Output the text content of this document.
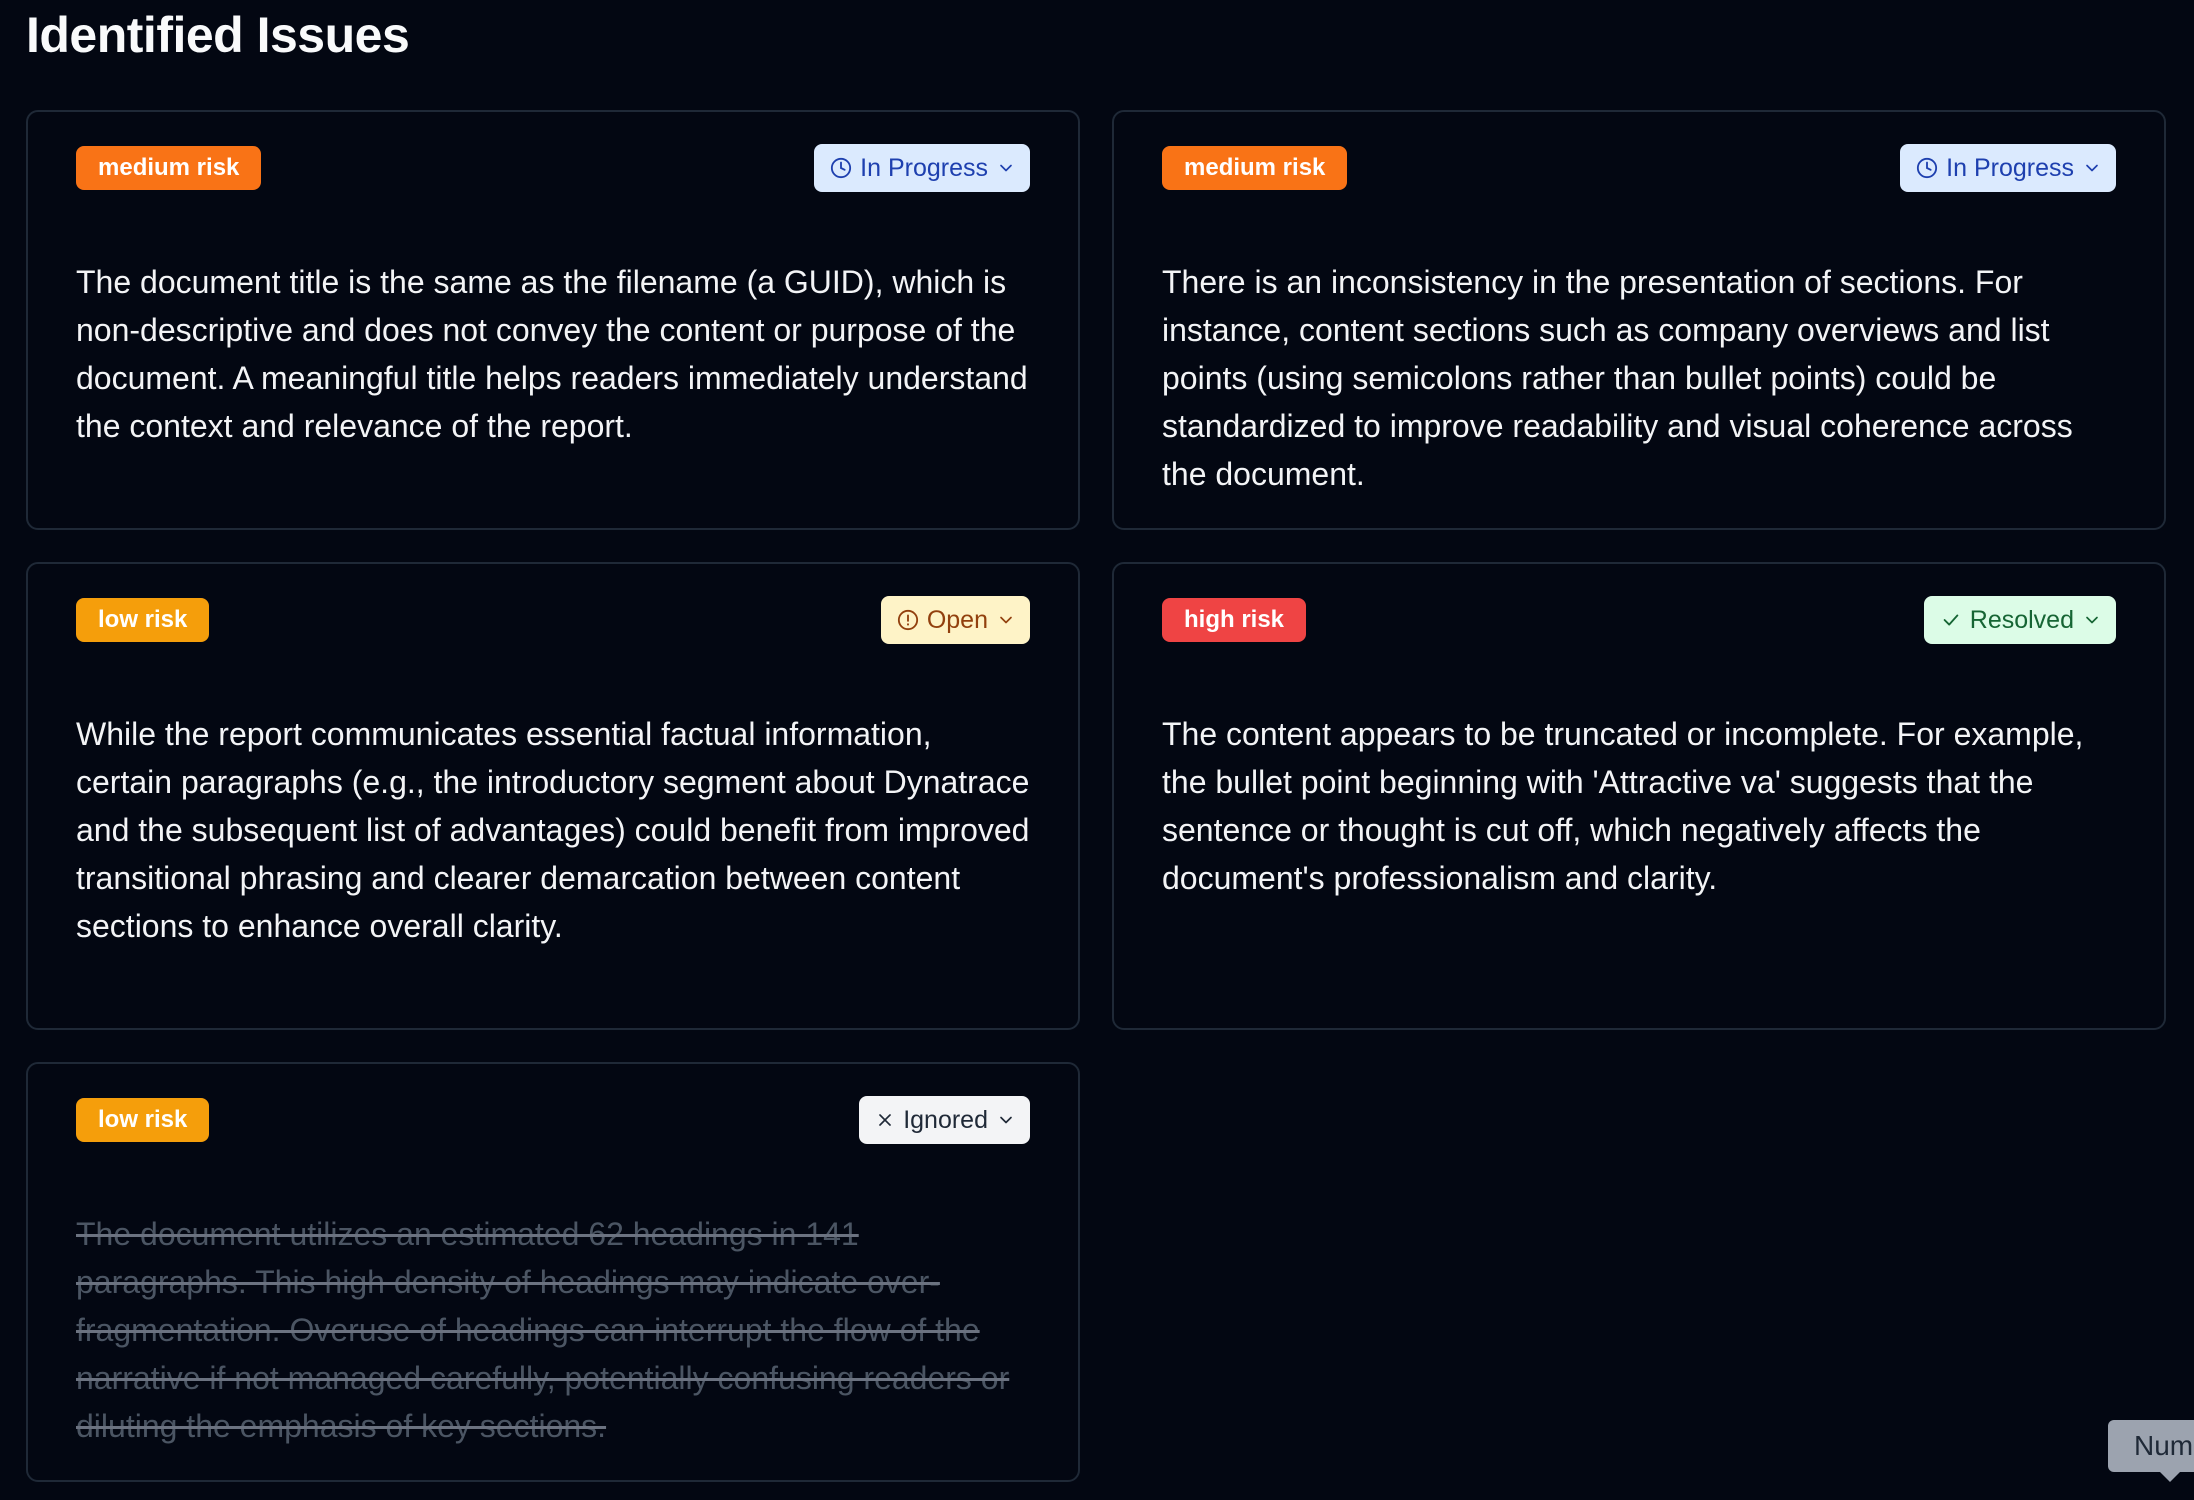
Identified Issues
medium risk	In Progress

The document title is the same as the filename (a GUID), which is non-descriptive and does not convey the content or purpose of the document. A meaningful title helps readers immediately understand the context and relevance of the report.

medium risk	In Progress

There is an inconsistency in the presentation of sections. For instance, content sections such as company overviews and list points (using semicolons rather than bullet points) could be standardized to improve readability and visual coherence across the document.

low risk	Open

While the report communicates essential factual information, certain paragraphs (e.g., the introductory segment about Dynatrace and the subsequent list of advantages) could benefit from improved transitional phrasing and clearer demarcation between content sections to enhance overall clarity.

high risk	Resolved

The content appears to be truncated or incomplete. For example, the bullet point beginning with 'Attractive va' suggests that the sentence or thought is cut off, which negatively affects the document's professionalism and clarity.

low risk	Ignored

The document utilizes an estimated 62 headings in 141 paragraphs. This high density of headings may indicate over-fragmentation. Overuse of headings can interrupt the flow of the narrative if not managed carefully, potentially confusing readers or diluting the emphasis of key sections.

Num
